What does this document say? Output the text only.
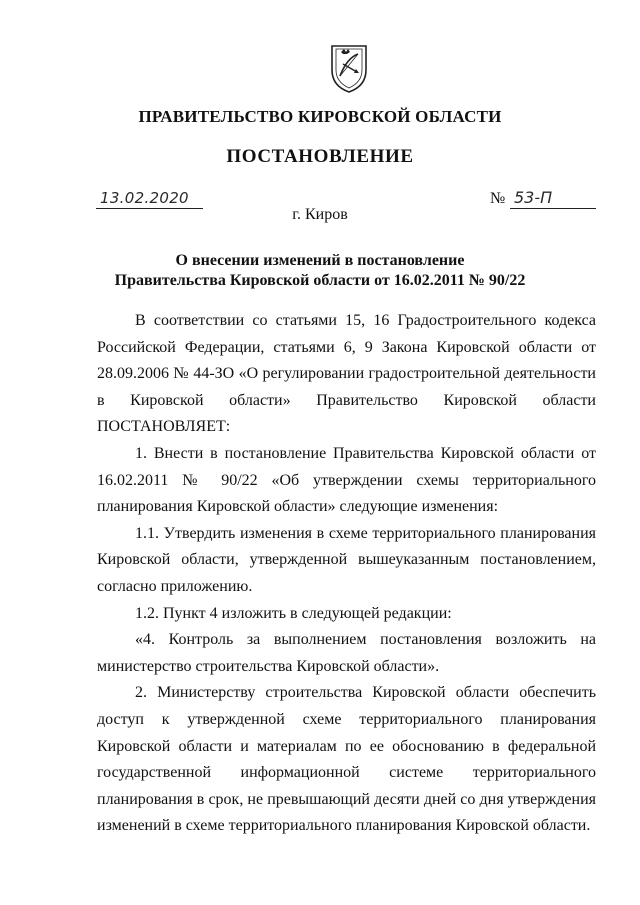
ПРАВИТЕЛЬСТВО КИРОВСКОЙ ОБЛАСТИ
ПОСТАНОВЛЕНИЕ
13.02.2020	№ 53-П
г. Киров
О внесении изменений в постановление
Правительства Кировской области от 16.02.2011 № 90/22

В соответствии со статьями 15, 16 Градостроительного кодекса Российской Федерации, статьями 6, 9 Закона Кировской области от 28.09.2006 № 44-ЗО «О регулировании градостроительной деятельности в Кировской области» Правительство Кировской области ПОСТАНОВЛЯЕТ:

1. Внести в постановление Правительства Кировской области от 16.02.2011 № 90/22 «Об утверждении схемы территориального планирования Кировской области» следующие изменения:

1.1. Утвердить изменения в схеме территориального планирования Кировской области, утвержденной вышеуказанным постановлением, согласно приложению.

1.2. Пункт 4 изложить в следующей редакции:

«4. Контроль за выполнением постановления возложить на министерство строительства Кировской области».

2. Министерству строительства Кировской области обеспечить доступ к утвержденной схеме территориального планирования Кировской области и материалам по ее обоснованию в федеральной государственной информационной системе территориального планирования в срок, не превышающий десяти дней со дня утверждения изменений в схеме территориального планирования Кировской области.
